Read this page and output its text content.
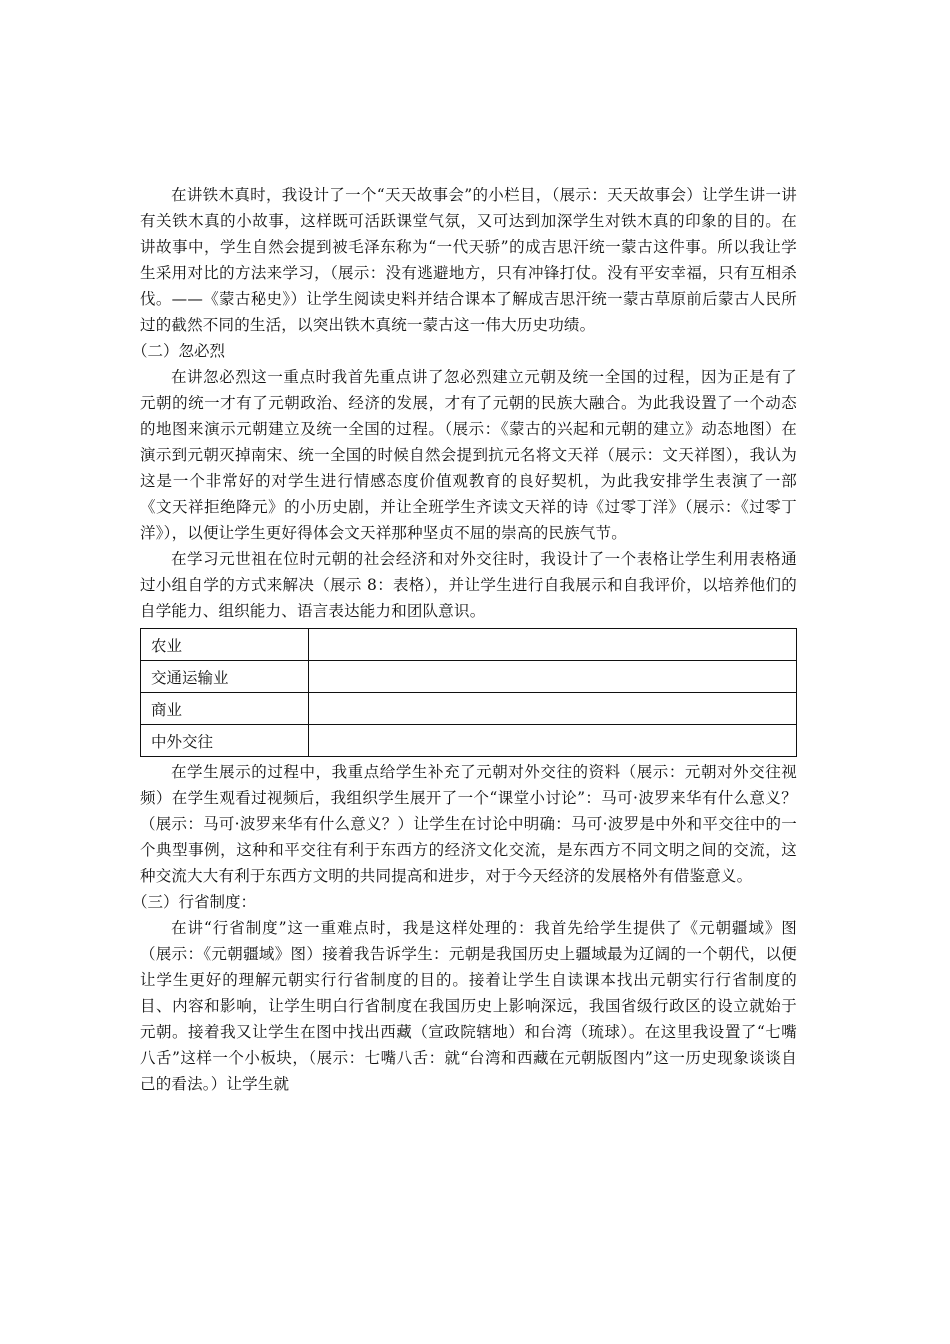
在讲铁木真时，我设计了一个“天天故事会”的小栏目，（展示：天天故事会）让学生讲一讲有关铁木真的小故事，这样既可活跃课堂气氛，又可达到加深学生对铁木真的印象的目的。在讲故事中，学生自然会提到被毛泽东称为“一代天骄”的成吉思汗统一蒙古这件事。所以我让学生采用对比的方法来学习，（展示：没有逃避地方，只有冲锋打仗。没有平安幸福，只有互相杀伐。——《蒙古秘史》）让学生阅读史料并结合课本了解成吉思汗统一蒙古草原前后蒙古人民所过的截然不同的生活，以突出铁木真统一蒙古这一伟大历史功绩。

（二）忽必烈

在讲忽必烈这一重点时我首先重点讲了忽必烈建立元朝及统一全国的过程，因为正是有了元朝的统一才有了元朝政治、经济的发展，才有了元朝的民族大融合。为此我设置了一个动态的地图来演示元朝建立及统一全国的过程。（展示：《蒙古的兴起和元朝的建立》动态地图）在演示到元朝灭掉南宋、统一全国的时候自然会提到抗元名将文天祥（展示：文天祥图），我认为这是一个非常好的对学生进行情感态度价值观教育的良好契机，为此我安排学生表演了一部《文天祥拒绝降元》的小历史剧，并让全班学生齐读文天祥的诗《过零丁洋》（展示：《过零丁洋》），以便让学生更好得体会文天祥那种坚贞不屈的崇高的民族气节。

在学习元世祖在位时元朝的社会经济和对外交往时，我设计了一个表格让学生利用表格通过小组自学的方式来解决（展示 8：表格），并让学生进行自我展示和自我评价，以培养他们的自学能力、组织能力、语言表达能力和团队意识。

农业	
交通运输业	
商业	
中外交往	

在学生展示的过程中，我重点给学生补充了元朝对外交往的资料（展示：元朝对外交往视频）在学生观看过视频后，我组织学生展开了一个“课堂小讨论”：马可·波罗来华有什么意义？（展示：马可·波罗来华有什么意义？）让学生在讨论中明确：马可·波罗是中外和平交往中的一个典型事例，这种和平交往有利于东西方的经济文化交流，是东西方不同文明之间的交流，这种交流大大有利于东西方文明的共同提高和进步，对于今天经济的发展格外有借鉴意义。

（三）行省制度：

在讲“行省制度”这一重难点时，我是这样处理的：我首先给学生提供了《元朝疆域》图（展示：《元朝疆域》图）接着我告诉学生：元朝是我国历史上疆域最为辽阔的一个朝代，以便让学生更好的理解元朝实行行省制度的目的。接着让学生自读课本找出元朝实行行省制度的目、内容和影响，让学生明白行省制度在我国历史上影响深远，我国省级行政区的设立就始于元朝。接着我又让学生在图中找出西藏（宣政院辖地）和台湾（琉球）。在这里我设置了“七嘴八舌”这样一个小板块，（展示：七嘴八舌：就“台湾和西藏在元朝版图内”这一历史现象谈谈自己的看法。）让学生就
